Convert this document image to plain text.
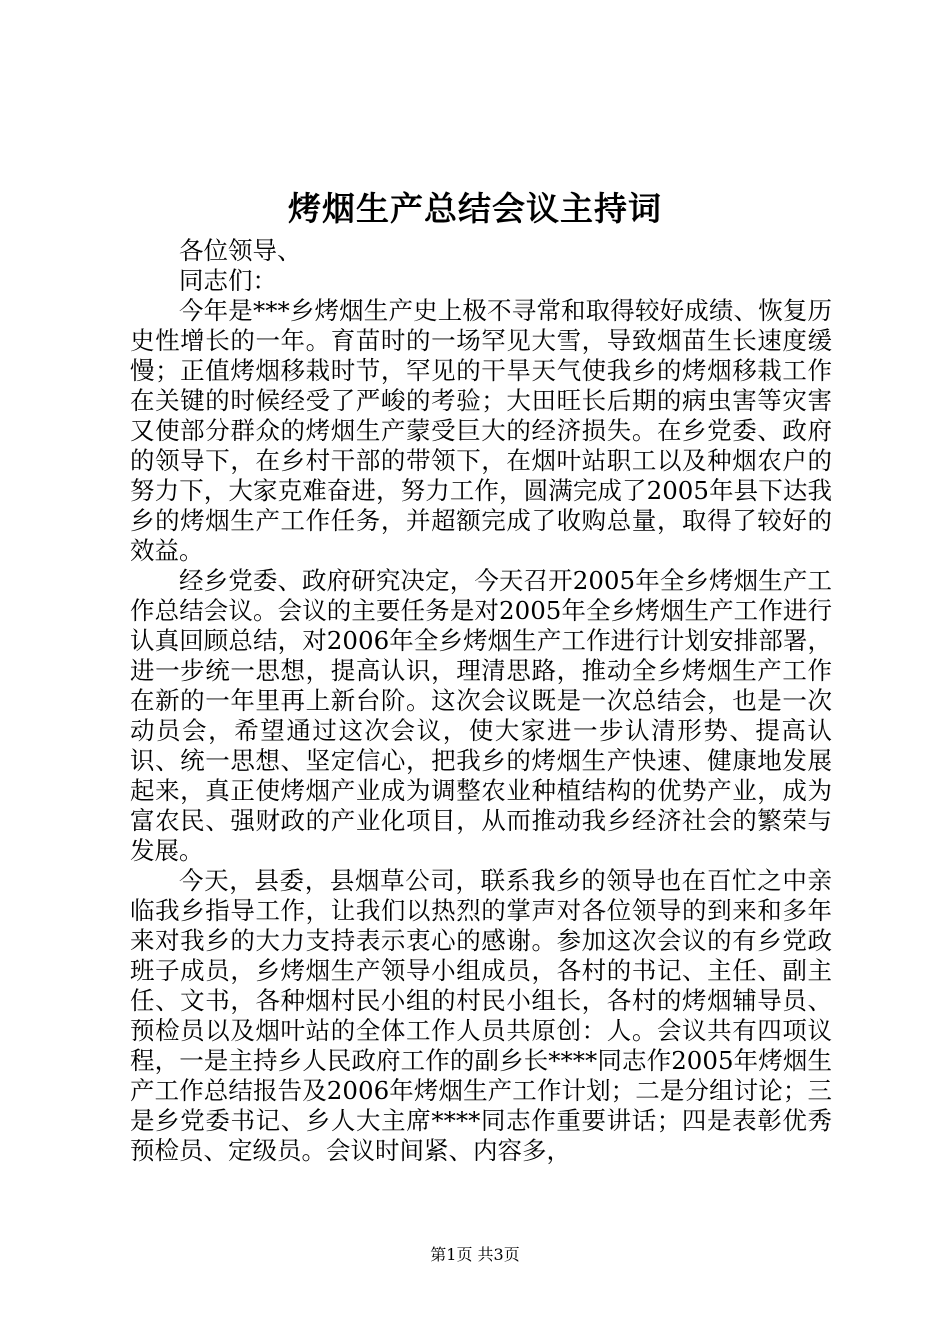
烤烟生产总结会议主持词

各位领导、

同志们：

今年是***乡烤烟生产史上极不寻常和取得较好成绩、恢复历史性增长的一年。育苗时的一场罕见大雪，导致烟苗生长速度缓慢；正值烤烟移栽时节，罕见的干旱天气使我乡的烤烟移栽工作在关键的时候经受了严峻的考验；大田旺长后期的病虫害等灾害又使部分群众的烤烟生产蒙受巨大的经济损失。在乡党委、政府的领导下，在乡村干部的带领下，在烟叶站职工以及种烟农户的努力下，大家克难奋进，努力工作，圆满完成了2005年县下达我乡的烤烟生产工作任务，并超额完成了收购总量，取得了较好的效益。

经乡党委、政府研究决定，今天召开2005年全乡烤烟生产工作总结会议。会议的主要任务是对2005年全乡烤烟生产工作进行认真回顾总结，对2006年全乡烤烟生产工作进行计划安排部署，进一步统一思想，提高认识，理清思路，推动全乡烤烟生产工作在新的一年里再上新台阶。这次会议既是一次总结会，也是一次动员会，希望通过这次会议，使大家进一步认清形势、提高认识、统一思想、坚定信心，把我乡的烤烟生产快速、健康地发展起来，真正使烤烟产业成为调整农业种植结构的优势产业，成为富农民、强财政的产业化项目，从而推动我乡经济社会的繁荣与发展。

今天，县委，县烟草公司，联系我乡的领导也在百忙之中亲临我乡指导工作，让我们以热烈的掌声对各位领导的到来和多年来对我乡的大力支持表示衷心的感谢。参加这次会议的有乡党政班子成员，乡烤烟生产领导小组成员，各村的书记、主任、副主任、文书，各种烟村民小组的村民小组长，各村的烤烟辅导员、预检员以及烟叶站的全体工作人员共原创：人。会议共有四项议程，一是主持乡人民政府工作的副乡长****同志作2005年烤烟生产工作总结报告及2006年烤烟生产工作计划；二是分组讨论；三是乡党委书记、乡人大主席****同志作重要讲话；四是表彰优秀预检员、定级员。会议时间紧、内容多，

第1页 共3页
